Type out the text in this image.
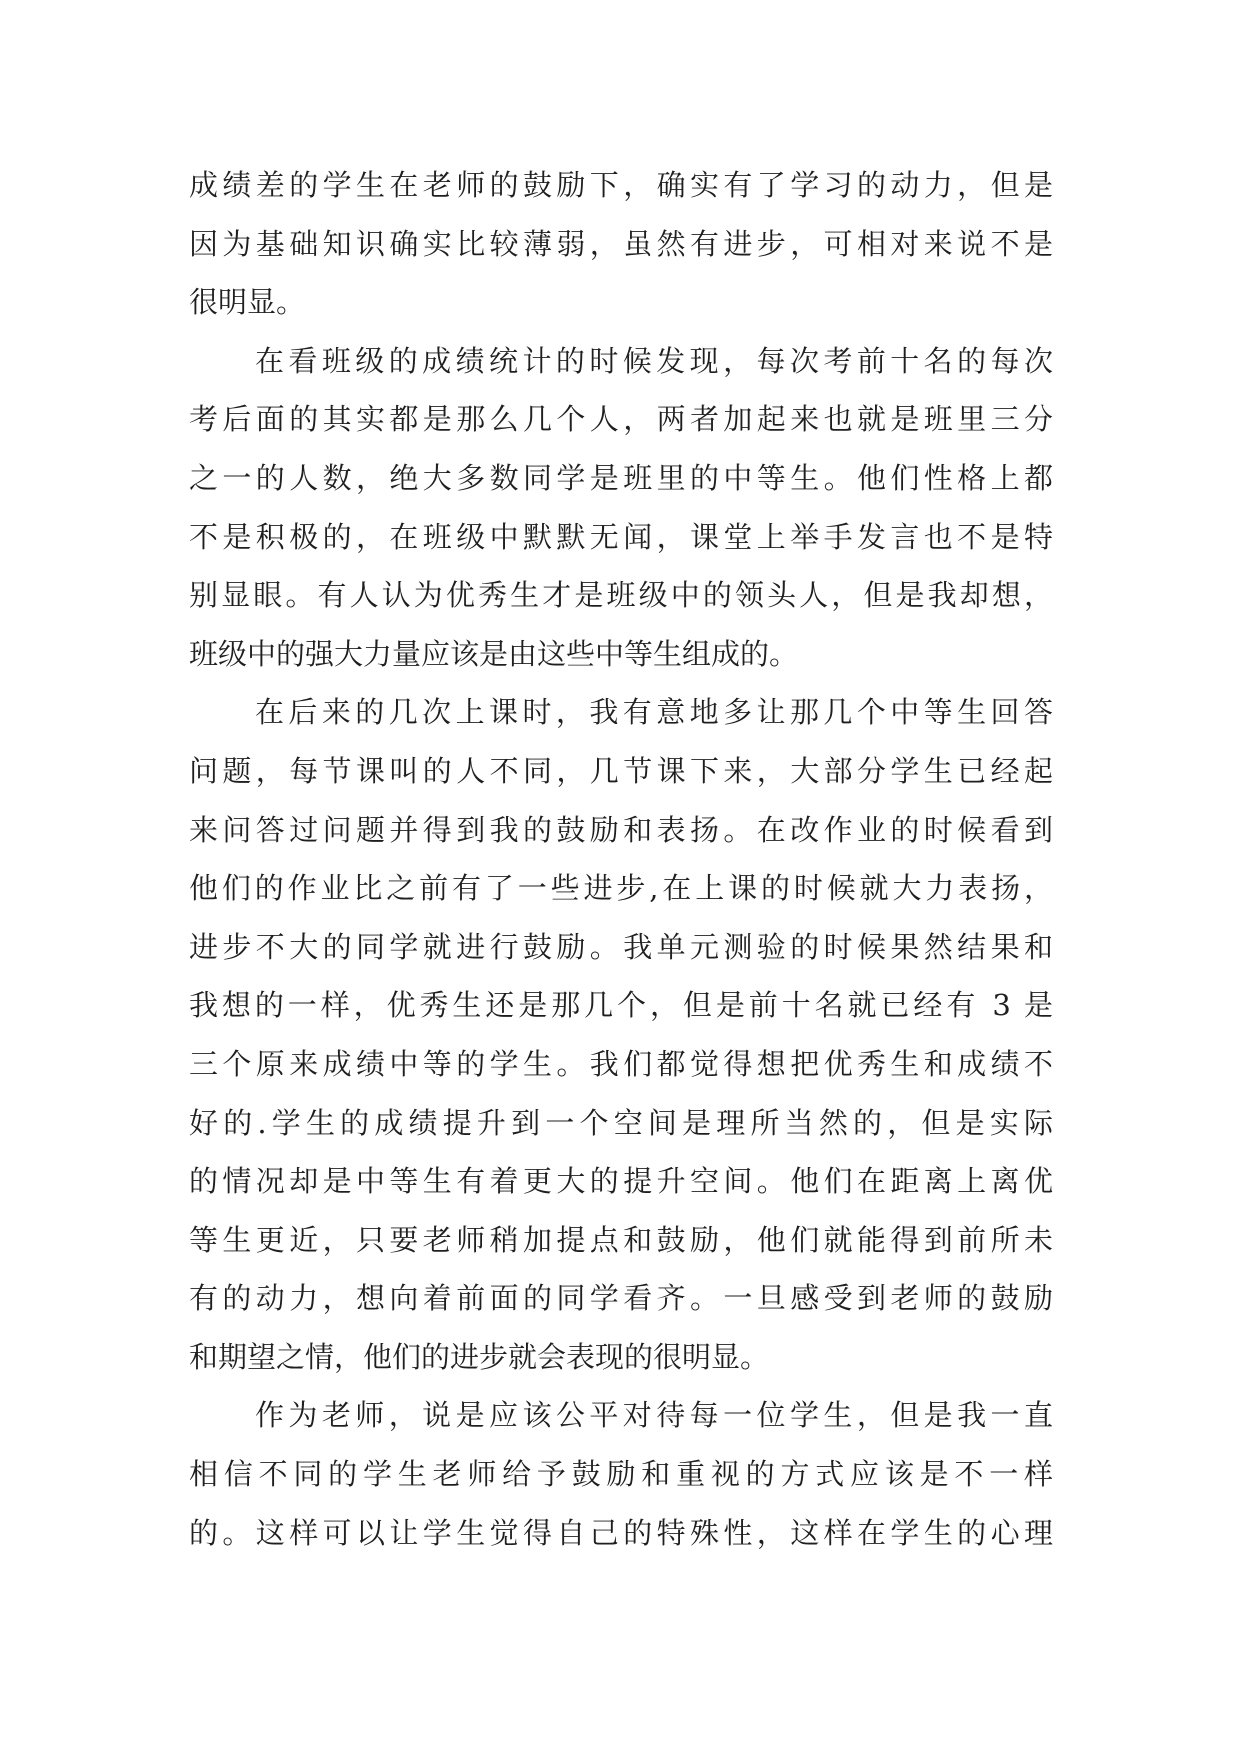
成绩差的学生在老师的鼓励下，确实有了学习的动力，但是
因为基础知识确实比较薄弱，虽然有进步，可相对来说不是
很明显。
在看班级的成绩统计的时候发现，每次考前十名的每次
考后面的其实都是那么几个人，两者加起来也就是班里三分
之一的人数，绝大多数同学是班里的中等生。他们性格上都
不是积极的，在班级中默默无闻，课堂上举手发言也不是特
别显眼。有人认为优秀生才是班级中的领头人，但是我却想，
班级中的强大力量应该是由这些中等生组成的。
在后来的几次上课时，我有意地多让那几个中等生回答
问题，每节课叫的人不同，几节课下来，大部分学生已经起
来问答过问题并得到我的鼓励和表扬。在改作业的时候看到
他们的作业比之前有了一些进步,在上课的时候就大力表扬，
进步不大的同学就进行鼓励。我单元测验的时候果然结果和
我想的一样，优秀生还是那几个，但是前十名就已经有 3 是
三个原来成绩中等的学生。我们都觉得想把优秀生和成绩不
好的.学生的成绩提升到一个空间是理所当然的，但是实际
的情况却是中等生有着更大的提升空间。他们在距离上离优
等生更近，只要老师稍加提点和鼓励，他们就能得到前所未
有的动力，想向着前面的同学看齐。一旦感受到老师的鼓励
和期望之情，他们的进步就会表现的很明显。
作为老师，说是应该公平对待每一位学生，但是我一直
相信不同的学生老师给予鼓励和重视的方式应该是不一样
的。这样可以让学生觉得自己的特殊性，这样在学生的心理
